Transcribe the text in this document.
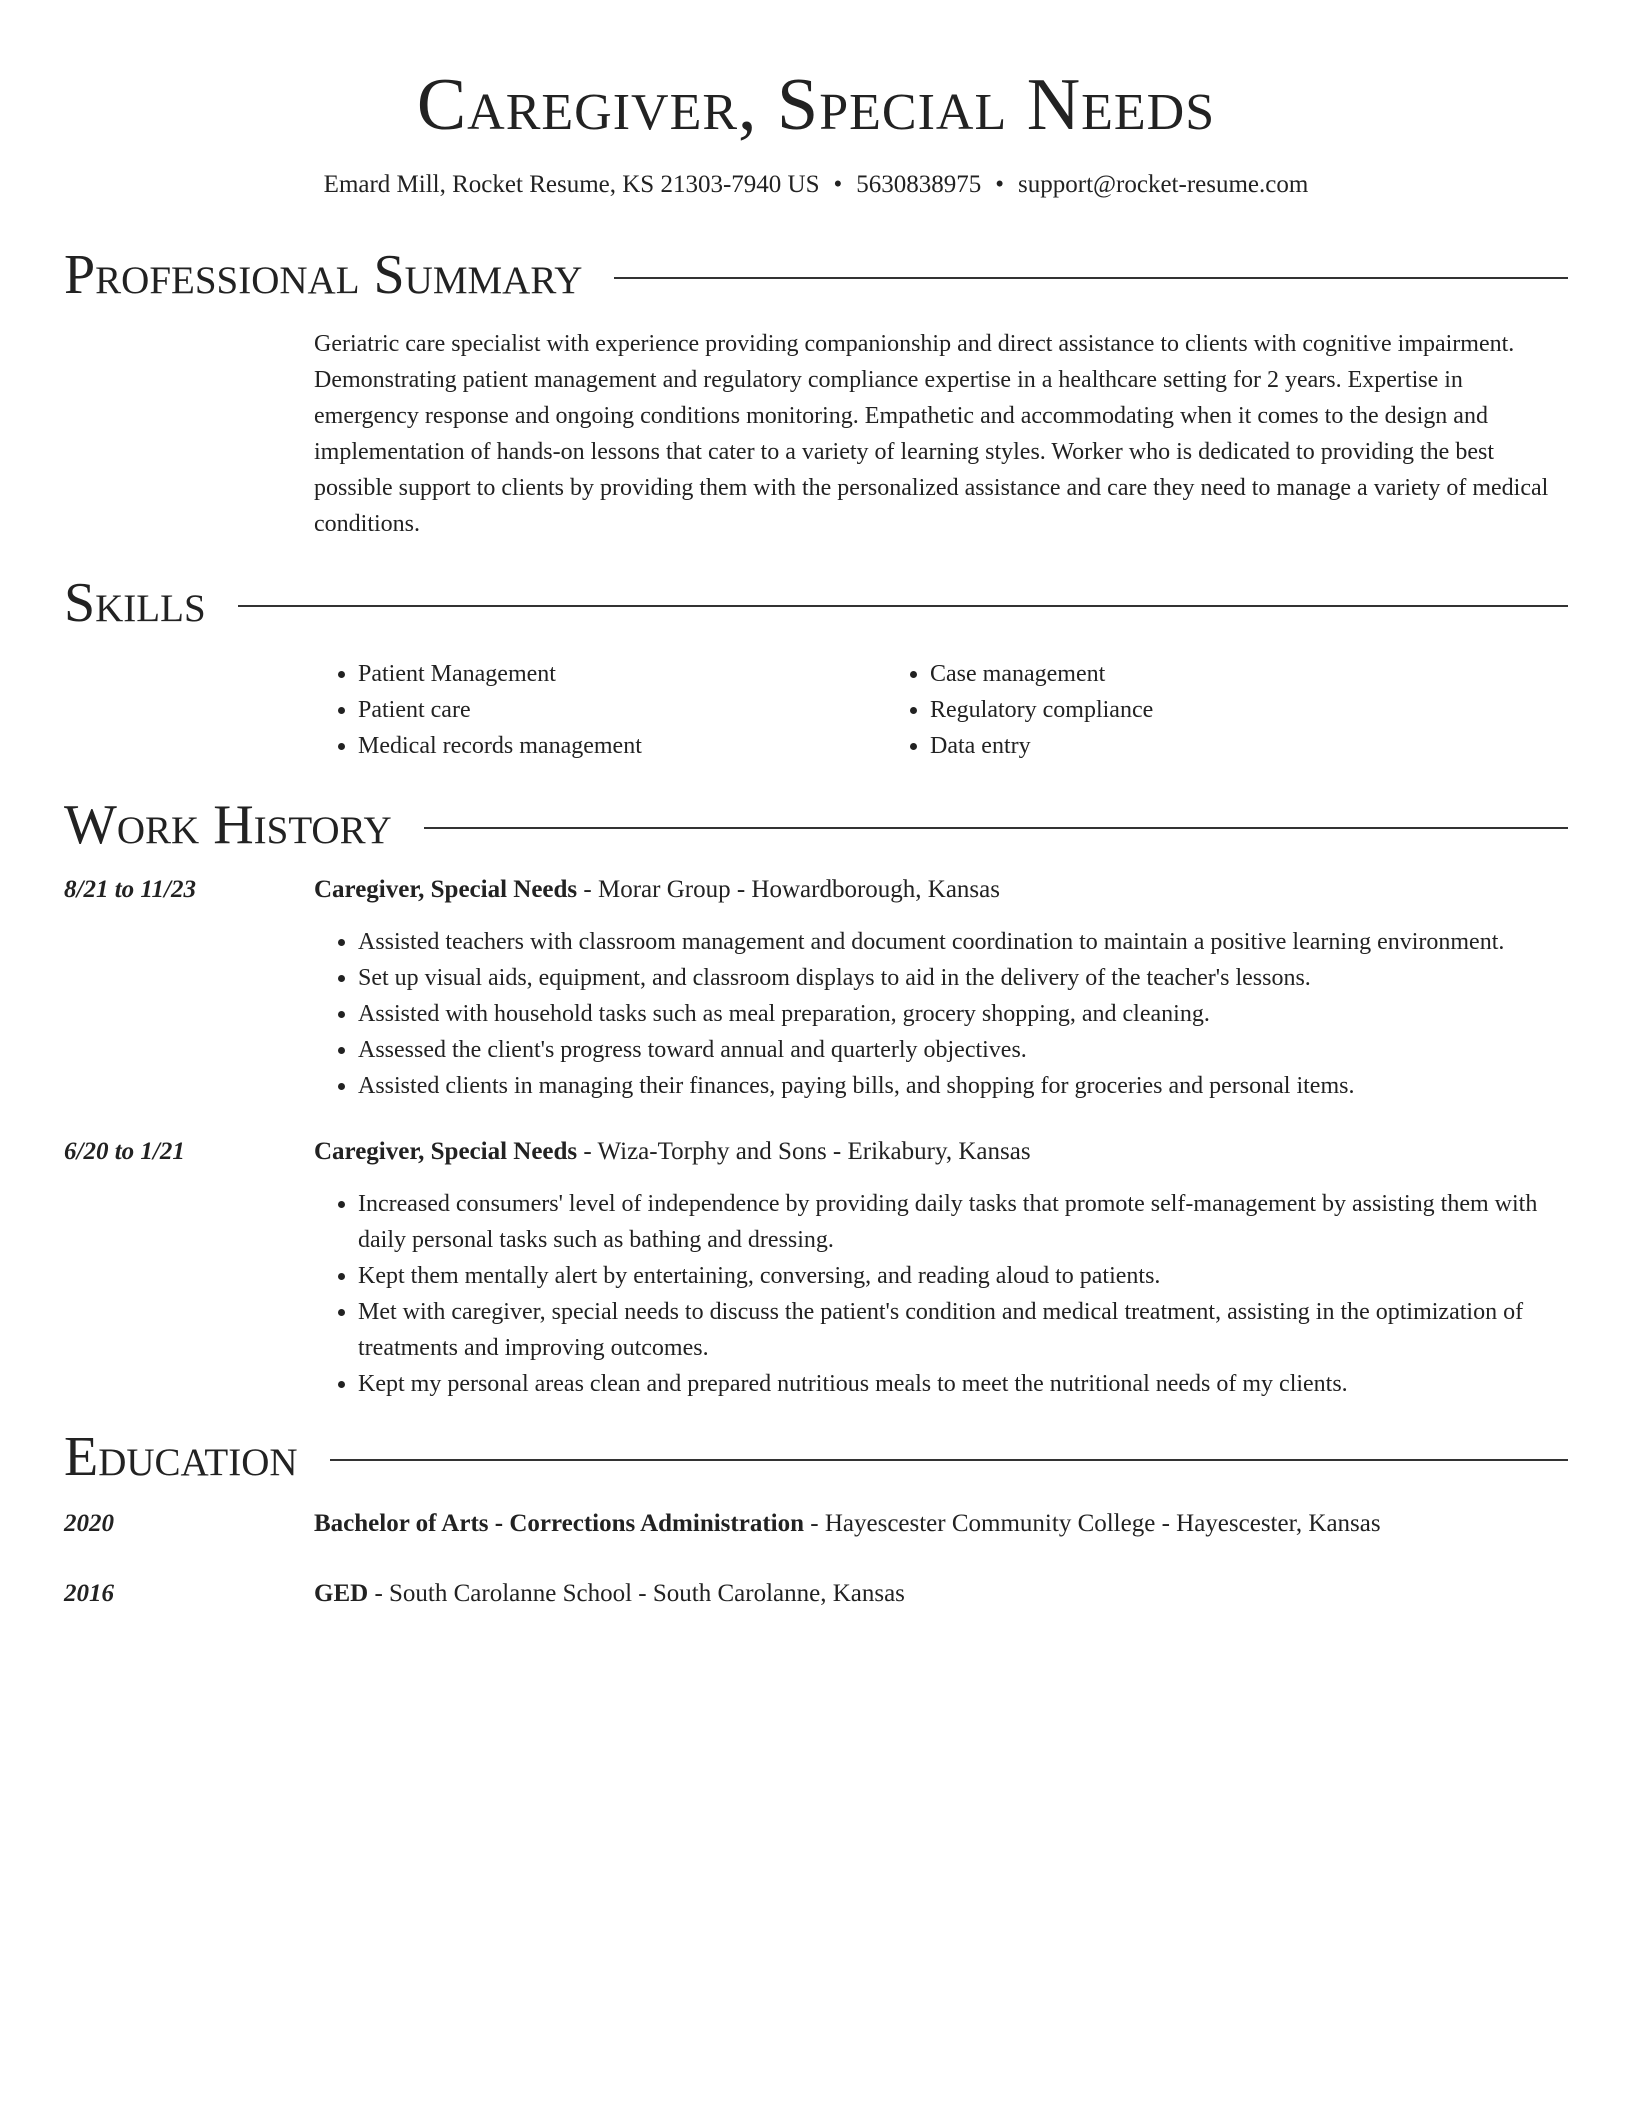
Caregiver, Special Needs
Emard Mill, Rocket Resume, KS 21303-7940 US • 5630838975 • support@rocket-resume.com
Professional Summary
Geriatric care specialist with experience providing companionship and direct assistance to clients with cognitive impairment. Demonstrating patient management and regulatory compliance expertise in a healthcare setting for 2 years. Expertise in emergency response and ongoing conditions monitoring. Empathetic and accommodating when it comes to the design and implementation of hands-on lessons that cater to a variety of learning styles. Worker who is dedicated to providing the best possible support to clients by providing them with the personalized assistance and care they need to manage a variety of medical conditions.
Skills
• Patient Management
• Patient care
• Medical records management
• Case management
• Regulatory compliance
• Data entry
Work History
8/21 to 11/23	Caregiver, Special Needs - Morar Group - Howardborough, Kansas
• Assisted teachers with classroom management and document coordination to maintain a positive learning environment.
• Set up visual aids, equipment, and classroom displays to aid in the delivery of the teacher's lessons.
• Assisted with household tasks such as meal preparation, grocery shopping, and cleaning.
• Assessed the client's progress toward annual and quarterly objectives.
• Assisted clients in managing their finances, paying bills, and shopping for groceries and personal items.
6/20 to 1/21	Caregiver, Special Needs - Wiza-Torphy and Sons - Erikabury, Kansas
• Increased consumers' level of independence by providing daily tasks that promote self-management by assisting them with daily personal tasks such as bathing and dressing.
• Kept them mentally alert by entertaining, conversing, and reading aloud to patients.
• Met with caregiver, special needs to discuss the patient's condition and medical treatment, assisting in the optimization of treatments and improving outcomes.
• Kept my personal areas clean and prepared nutritious meals to meet the nutritional needs of my clients.
Education
2020	Bachelor of Arts - Corrections Administration - Hayescester Community College - Hayescester, Kansas
2016	GED - South Carolanne School - South Carolanne, Kansas
